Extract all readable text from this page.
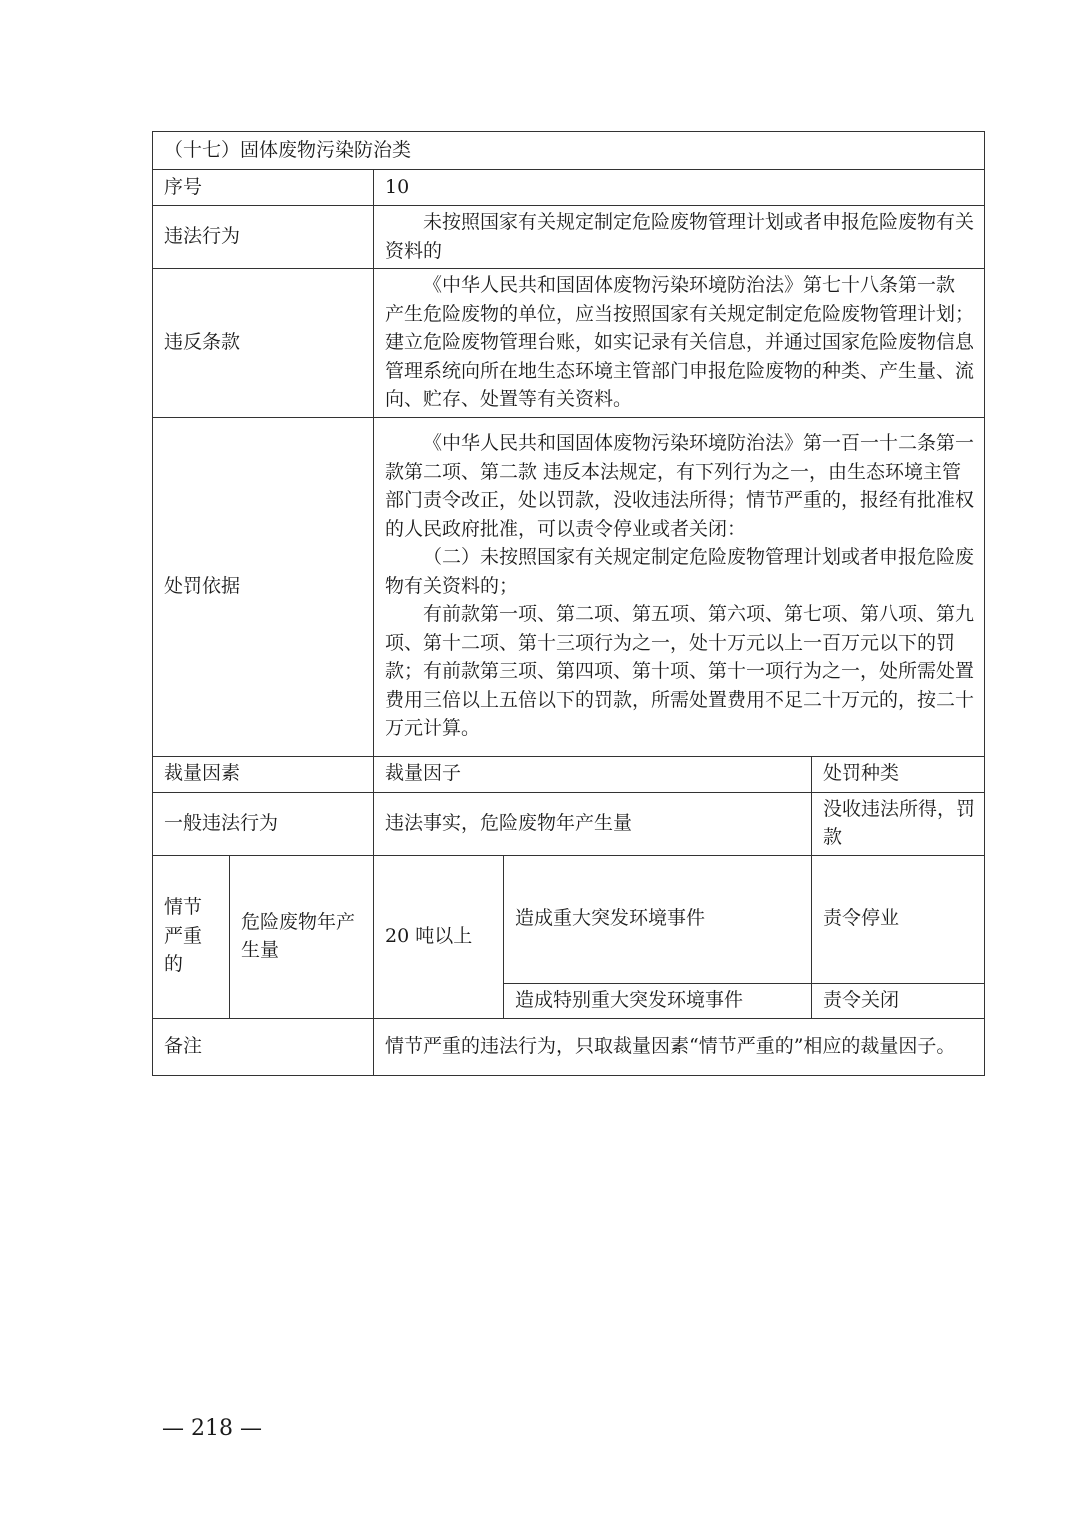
（十七）固体废物污染防治类				
序号		10		
违法行为		未按照国家有关规定制定危险废物管理计划或者申报危险废物有关资料的		

违反条款		《中华人民共和国固体废物污染环境防治法》第七十八条第一款 产生危险废物的单位，应当按照国家有关规定制定危险废物管理计划；建立危险废物管理台账，如实记录有关信息，并通过国家危险废物信息管理系统向所在地生态环境主管部门申报危险废物的种类、产生量、流向、贮存、处置等有关资料。		

处罚依据		《中华人民共和国固体废物污染环境防治法》第一百一十二条第一款第二项、第二款 违反本法规定，有下列行为之一，由生态环境主管部门责令改正，处以罚款，没收违法所得；情节严重的，报经有批准权的人民政府批准，可以责令停业或者关闭：

（二）未按照国家有关规定制定危险废物管理计划或者申报危险废物有关资料的；

有前款第一项、第二项、第五项、第六项、第七项、第八项、第九项、第十二项、第十三项行为之一，处十万元以上一百万元以下的罚款；有前款第三项、第四项、第十项、第十一项行为之一，处所需处置费用三倍以上五倍以下的罚款，所需处置费用不足二十万元的，按二十万元计算。		

裁量因素		裁量因子		处罚种类
一般违法行为		违法事实，危险废物年产生量		没收违法所得，罚款
情节严重的	危险废物年产生量	20 吨以上	造成重大突发环境事件	责令停业
			造成特别重大突发环境事件	责令关闭
备注		情节严重的违法行为，只取裁量因素“情节严重的”相应的裁量因子。		
— 218 —
